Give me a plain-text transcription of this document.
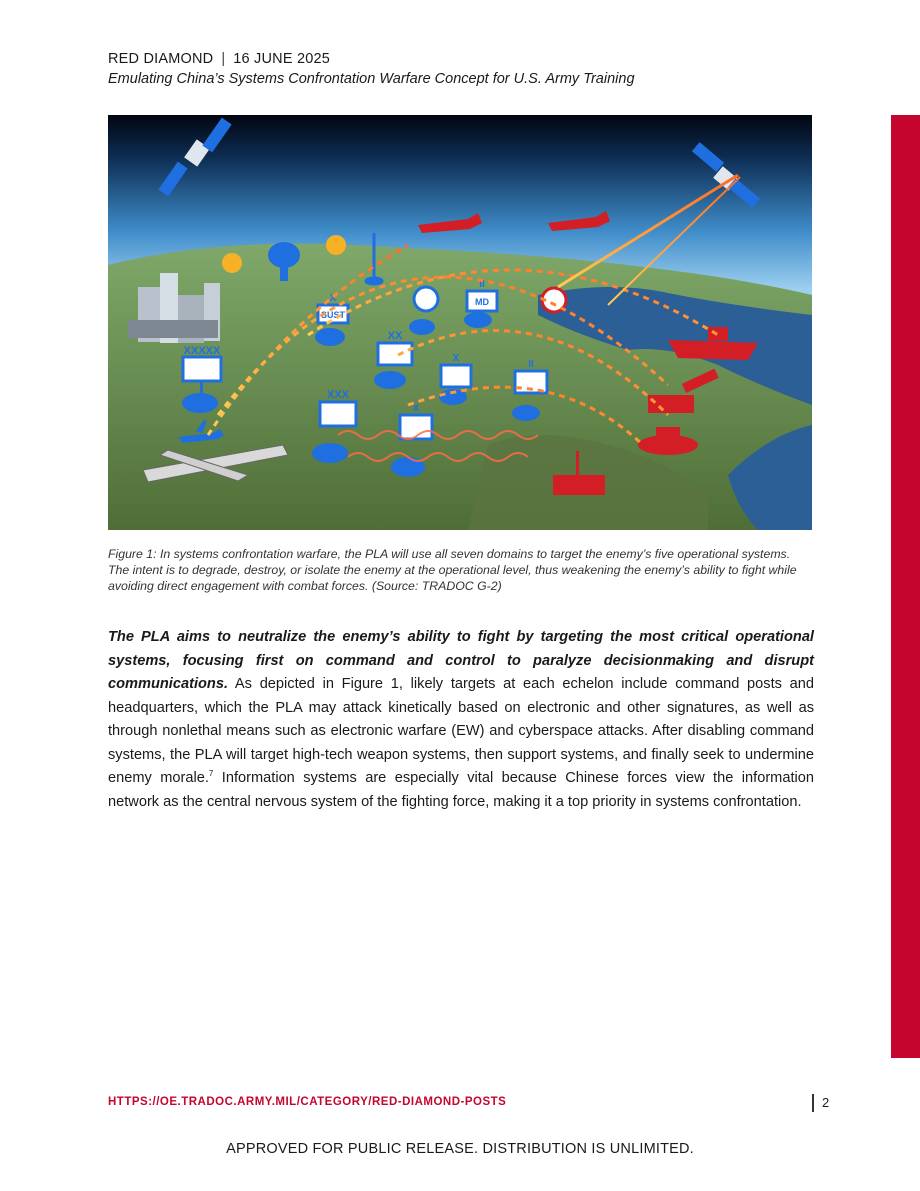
RED DIAMOND | 16 JUNE 2025
Emulating China’s Systems Confrontation Warfare Concept for U.S. Army Training
XXXXX
X
II
XX
X
II
XXX
X
SUST
MD
Figure 1: In systems confrontation warfare, the PLA will use all seven domains to target the enemy’s five operational systems. The intent is to degrade, destroy, or isolate the enemy at the operational level, thus weakening the enemy’s ability to fight while avoiding direct engagement with combat forces. (Source: TRADOC G-2)

The PLA aims to neutralize the enemy’s ability to fight by targeting the most critical operational systems, focusing first on command and control to paralyze decisionmaking and disrupt communications. As depicted in Figure 1, likely targets at each echelon include command posts and headquarters, which the PLA may attack kinetically based on electronic and other signatures, as well as through nonlethal means such as electronic warfare (EW) and cyberspace attacks. After disabling command systems, the PLA will target high-tech weapon systems, then support systems, and finally seek to undermine enemy morale.$^7$ Information systems are especially vital because Chinese forces view the information network as the central nervous system of the fighting force, making it a top priority in systems confrontation.

HTTPS://OE.TRADOC.ARMY.MIL/CATEGORY/RED-DIAMOND-POSTS	2
APPROVED FOR PUBLIC RELEASE. DISTRIBUTION IS UNLIMITED.
